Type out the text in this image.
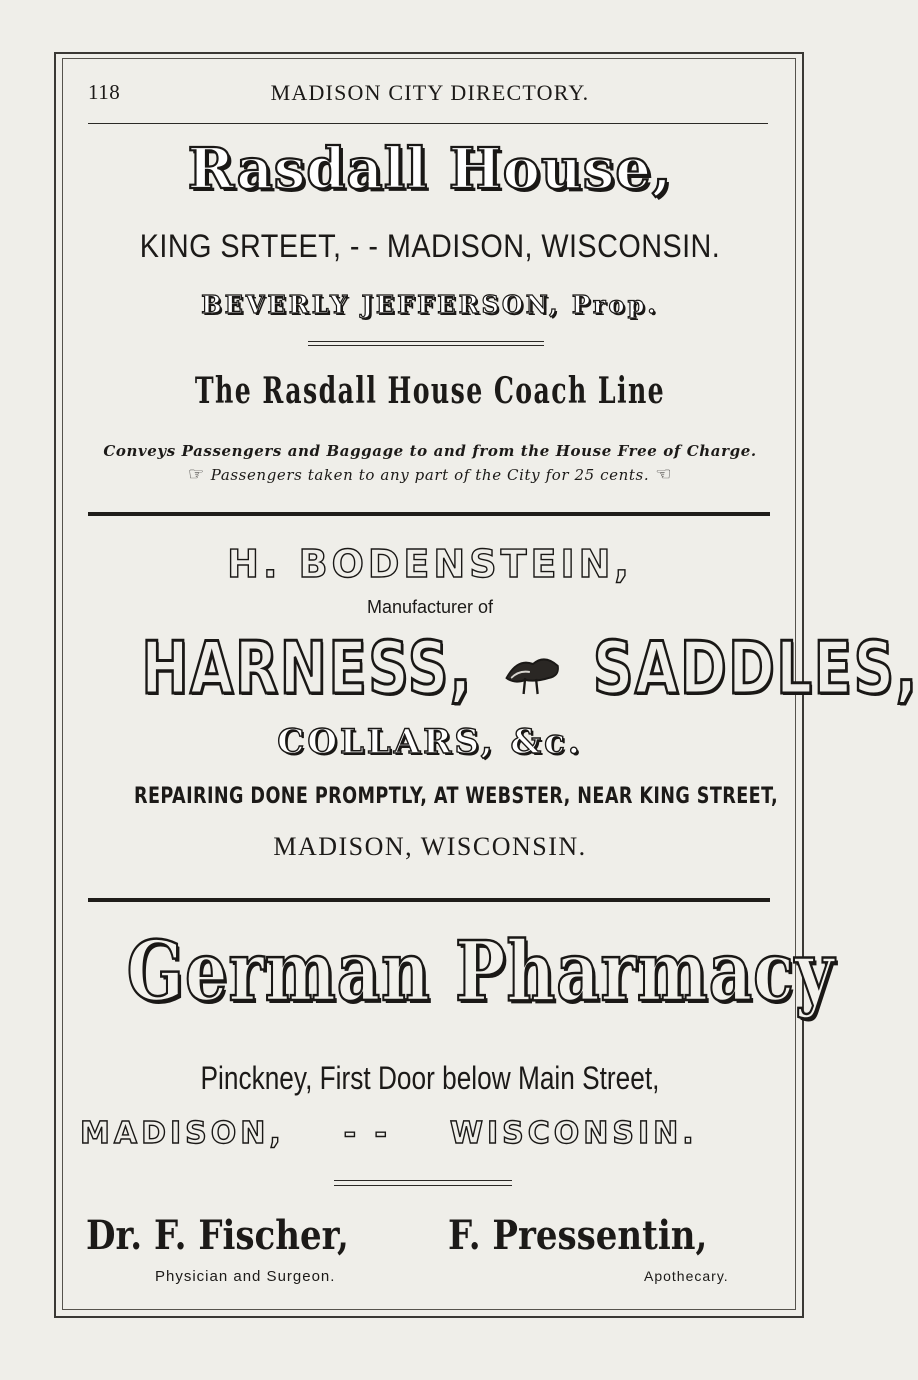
118	MADISON CITY DIRECTORY.
Rasdall House,
KING SRTEET, - - MADISON, WISCONSIN.
BEVERLY JEFFERSON, Prop.
The Rasdall House Coach Line
Conveys Passengers and Baggage to and from the House Free of Charge.
☞ Passengers taken to any part of the City for 25 cents. ☜
H. BODENSTEIN,
Manufacturer of
HARNESS, SADDLES,
COLLARS, &c.
REPAIRING DONE PROMPTLY, AT WEBSTER, NEAR KING STREET,
MADISON, WISCONSIN.
German Pharmacy
Pinckney, First Door below Main Street,
MADISON, - - WISCONSIN.
Dr. F. Fischer,
Physician and Surgeon.
F. Pressentin,
Apothecary.
